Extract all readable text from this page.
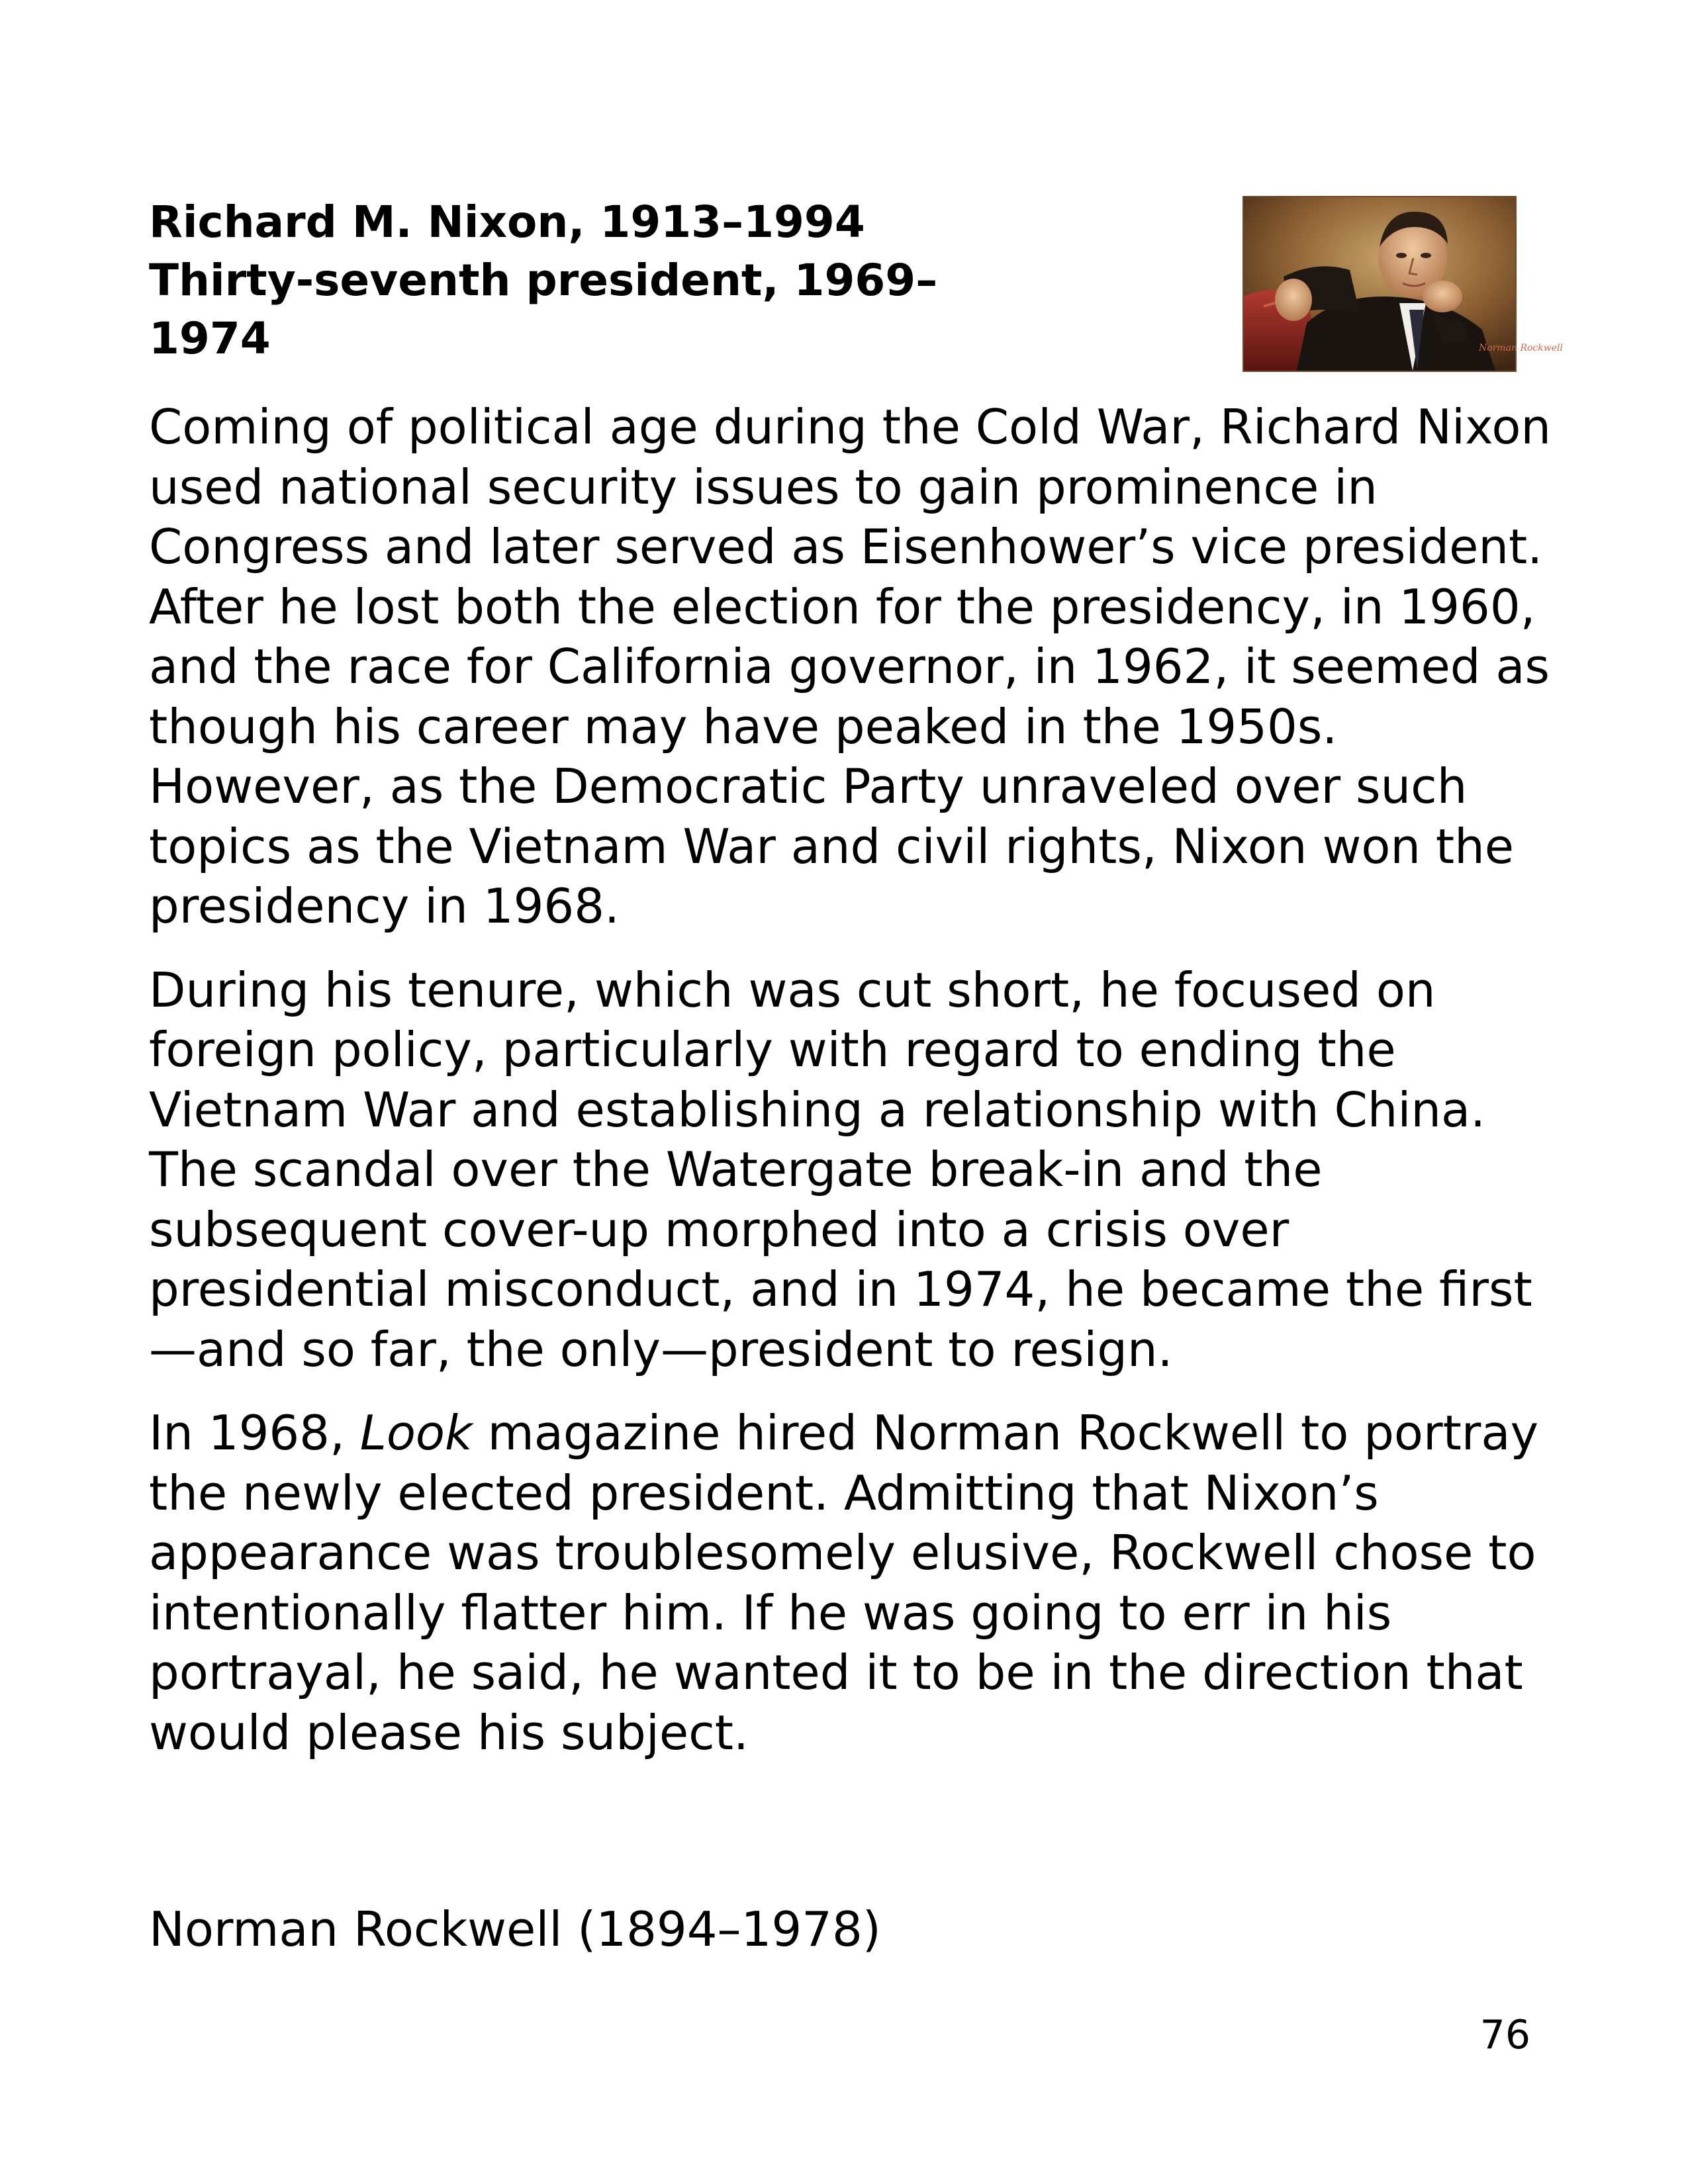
Richard M. Nixon, 1913–1994
Thirty-seventh president, 1969–
1974	Norman Rockwell

Coming of political age during the Cold War, Richard Nixon used national security issues to gain prominence in Congress and later served as Eisenhower’s vice president. After he lost both the election for the presidency, in 1960, and the race for California governor, in 1962, it seemed as though his career may have peaked in the 1950s. However, as the Democratic Party unraveled over such topics as the Vietnam War and civil rights, Nixon won the presidency in 1968.

During his tenure, which was cut short, he focused on foreign policy, particularly with regard to ending the Vietnam War and establishing a relationship with China. The scandal over the Watergate break-in and the subsequent cover-up morphed into a crisis over presidential misconduct, and in 1974, he became the first—and so far, the only—president to resign.

In 1968, Look magazine hired Norman Rockwell to portray the newly elected president. Admitting that Nixon’s appearance was troublesomely elusive, Rockwell chose to intentionally flatter him. If he was going to err in his portrayal, he said, he wanted it to be in the direction that would please his subject.

Norman Rockwell (1894–1978)
76
